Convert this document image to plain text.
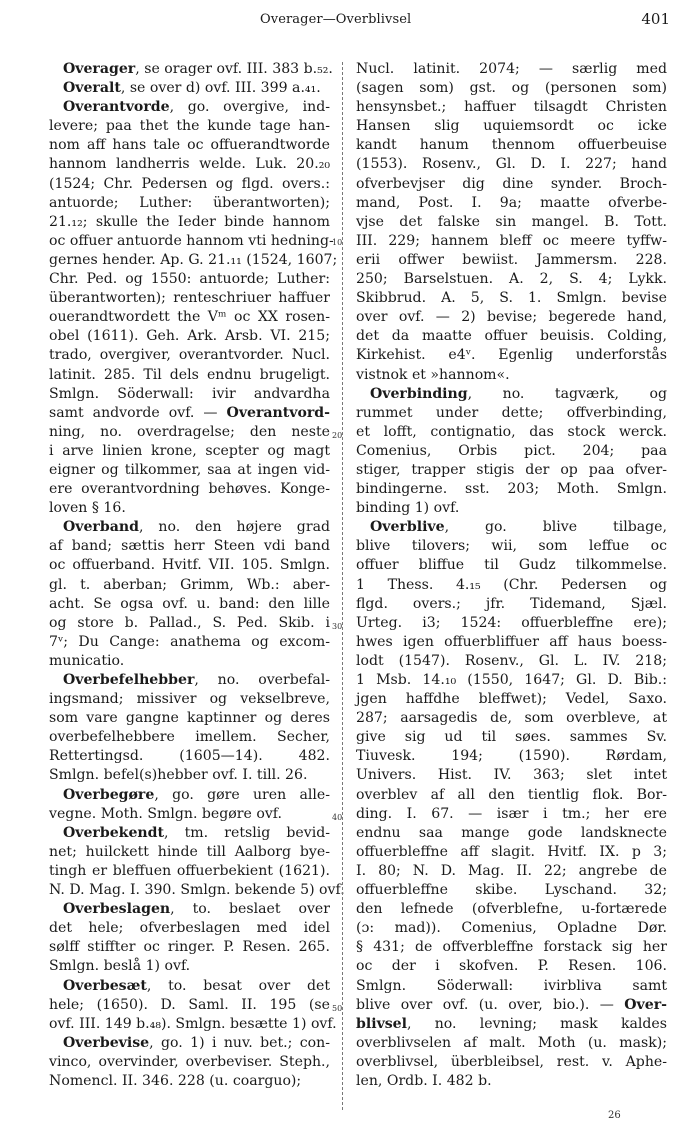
Overager—Overblivsel	401
Overager, se orager ovf. III. 383 b.₅₂.
Overalt, se over d) ovf. III. 399 a.₄₁.
Overantvorde, go. overgive, ind-
levere; paa thet the kunde tage han-
nom aff hans tale oc offuerandtworde
hannom landherris welde. Luk. 20.₂₀
(1524; Chr. Pedersen og flgd. overs.:
antuorde; Luther: überantworten);
21.₁₂; skulle the Ieder binde hannom
oc offuer antuorde hannom vti hedning-
gernes hender. Ap. G. 21.₁₁ (1524, 1607;
Chr. Ped. og 1550: antuorde; Luther:
überantworten); renteschriuer haffuer
ouerandtwordett the Vᵐ oc XX rosen-
obel (1611). Geh. Ark. Arsb. VI. 215;
trado, overgiver, overantvorder. Nucl.
latinit. 285. Til dels endnu brugeligt.
Smlgn. Söderwall: ivir andvardha
samt andvorde ovf. — Overantvord-
ning, no. overdragelse; den neste
i arve linien krone, scepter og magt
eigner og tilkommer, saa at ingen vid-
ere overantvordning behøves. Konge-
loven § 16.
Overband, no. den højere grad
af band; sættis herr Steen vdi band
oc offuerband. Hvitf. VII. 105. Smlgn.
gl. t. aberban; Grimm, Wb.: aber-
acht. Se ogsa ovf. u. band: den lille
og store b. Pallad., S. Ped. Skib. i
7ᵛ; Du Cange: anathema og excom-
municatio.
Overbefelhebber, no. overbefal-
ingsmand; missiver og vekselbreve,
som vare gangne kaptinner og deres
overbefelhebbere imellem. Secher,
Rettertingsd. (1605—14). 482.
Smlgn. befel(s)hebber ovf. I. till. 26.
Overbegøre, go. gøre uren alle-
vegne. Moth. Smlgn. begøre ovf.
Overbekendt, tm. retslig bevid-
net; huilckett hinde till Aalborg bye-
tingh er bleffuen offuerbekient (1621).
N. D. Mag. I. 390. Smlgn. bekende 5) ovf.
Overbeslagen, to. beslaet over
det hele; ofverbeslagen med idel
sølff stiffter oc ringer. P. Resen. 265.
Smlgn. beslå 1) ovf.
Overbesæt, to. besat over det
hele; (1650). D. Saml. II. 195 (se
ovf. III. 149 b.₄₈). Smlgn. besætte 1) ovf.
Overbevise, go. 1) i nuv. bet.; con-
vinco, overvinder, overbeviser. Steph.,
Nomencl. II. 346. 228 (u. coarguo);
Nucl. latinit. 2074; — særlig med
(sagen som) gst. og (personen som)
hensynsbet.; haffuer tilsagdt Christen
Hansen slig uquiemsordt oc icke
kandt hanum thennom offuerbeuise
(1553). Rosenv., Gl. D. I. 227; hand
ofverbevjser dig dine synder. Broch-
mand, Post. I. 9a; maatte ofverbe-
vjse det falske sin mangel. B. Tott.
III. 229; hannem bleff oc meere tyffw-
erii offwer bewiist. Jammersm. 228.
250; Barselstuen. A. 2, S. 4; Lykk.
Skibbrud. A. 5, S. 1. Smlgn. bevise
over ovf. — 2) bevise; begerede hand,
det da maatte offuer beuisis. Colding,
Kirkehist. e4ᵛ. Egenlig underforstås
vistnok et »hannom«.
Overbinding, no. tagværk, og
rummet under dette; offverbinding,
et lofft, contignatio, das stock werck.
Comenius, Orbis pict. 204; paa
stiger, trapper stigis der op paa ofver-
bindingerne. sst. 203; Moth. Smlgn.
binding 1) ovf.
Overblive, go. blive tilbage,
blive tilovers; wii, som leffue oc
offuer bliffue til Gudz tilkommelse.
1 Thess. 4.₁₅ (Chr. Pedersen og
flgd. overs.; jfr. Tidemand, Sjæl.
Urteg. i3; 1524: offuerbleffne ere);
hwes igen offuerbliffuer aff haus boess-
lodt (1547). Rosenv., Gl. L. IV. 218;
1 Msb. 14.₁₀ (1550, 1647; Gl. D. Bib.:
jgen haffdhe bleffwet); Vedel, Saxo.
287; aarsagedis de, som overbleve, at
give sig ud til søes. sammes Sv.
Tiuvesk. 194; (1590). Rørdam,
Univers. Hist. IV. 363; slet intet
overblev af all den tientlig flok. Bor-
ding. I. 67. — især i tm.; her ere
endnu saa mange gode landsknecte
offuerbleffne aff slagit. Hvitf. IX. p 3;
I. 80; N. D. Mag. II. 22; angrebe de
offuerbleffne skibe. Lyschand. 32;
den lefnede (ofverblefne, u-fortærede
(ɔ: mad)). Comenius, Opladne Dør.
§ 431; de offverbleffne forstack sig her
oc der i skofven. P. Resen. 106.
Smlgn. Söderwall: ivirbliva samt
blive over ovf. (u. over, bio.). — Over-
blivsel, no. levning; mask kaldes
overblivselen af malt. Moth (u. mask);
overblivsel, überbleibsel, rest. v. Aphe-
len, Ordb. I. 482 b.
10
20
30
40
50
26
